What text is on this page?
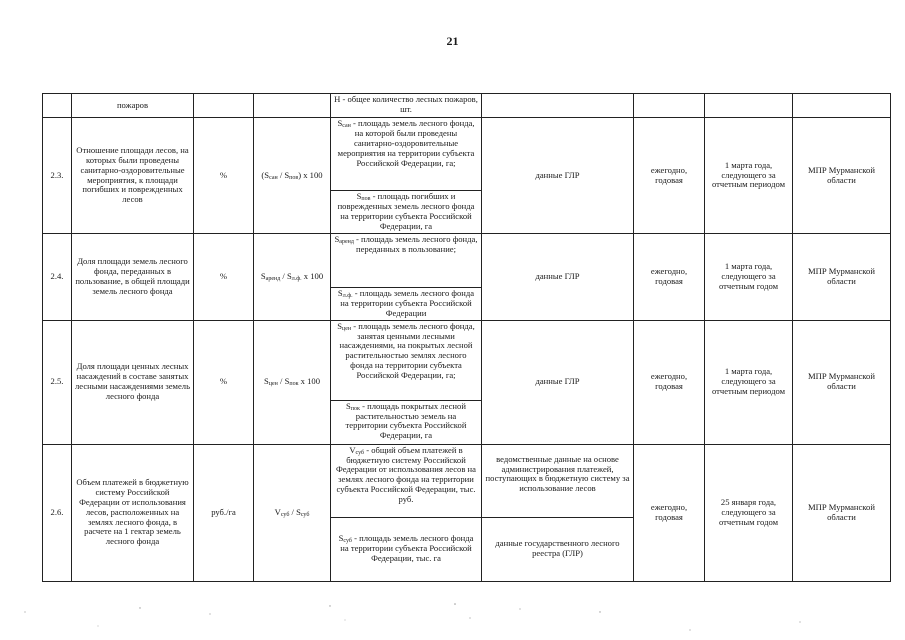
21
	пожаров			Н - общее количество лесных пожаров, шт.				
2.3.	Отношение площади лесов, на которых были проведены санитарно-оздоровительные мероприятия, к площади погибших и поврежденных лесов	%	$(S_{сан} / S_{пов})$ x 100	$S_{сан}$ - площадь земель лесного фонда, на которой были проведены санитарно-оздоровительные мероприятия на территории субъекта Российской Федерации, га;	данные ГЛР	ежегодно, годовая	1 марта года, следующего за отчетным периодом	МПР Мурманской области
				$S_{пов}$ - площадь погибших и поврежденных земель лесного фонда на территории субъекта Российской Федерации, га				
2.4.	Доля площади земель лесного фонда, переданных в пользование, в общей площади земель лесного фонда	%	$S_{аренд} / S_{л.ф.}$ x 100	$S_{аренд}$ - площадь земель лесного фонда, переданных в пользование;	данные ГЛР	ежегодно, годовая	1 марта года, следующего за отчетным годом	МПР Мурманской области
				$S_{л.ф.}$ - площадь земель лесного фонда на территории субъекта Российской Федерации				
2.5.	Доля площади ценных лесных насаждений в составе занятых лесными насаждениями земель лесного фонда	%	$S_{цен} / S_{пок}$ x 100	$S_{цен}$ - площадь земель лесного фонда, занятая ценными лесными насаждениями, на покрытых лесной растительностью землях лесного фонда на территории субъекта Российской Федерации, га;	данные ГЛР	ежегодно, годовая	1 марта года, следующего за отчетным периодом	МПР Мурманской области
				$S_{пок}$ - площадь покрытых лесной растительностью земель на территории субъекта Российской Федерации, га				
2.6.	Объем платежей в бюджетную систему Российской Федерации от использования лесов, расположенных на землях лесного фонда, в расчете на 1 гектар земель лесного фонда	руб./га	$V_{суб} / S_{суб}$	$V_{суб}$ - общий объем платежей в бюджетную систему Российской Федерации от использования лесов на землях лесного фонда на территории субъекта Российской Федерации, тыс. руб.	ведомственные данные на основе администрирования платежей, поступающих в бюджетную систему за использование лесов	ежегодно, годовая	25 января года, следующего за отчетным годом	МПР Мурманской области
				$S_{суб}$ - площадь земель лесного фонда на территории субъекта Российской Федерации, тыс. га	данные государственного лесного реестра (ГЛР)			
